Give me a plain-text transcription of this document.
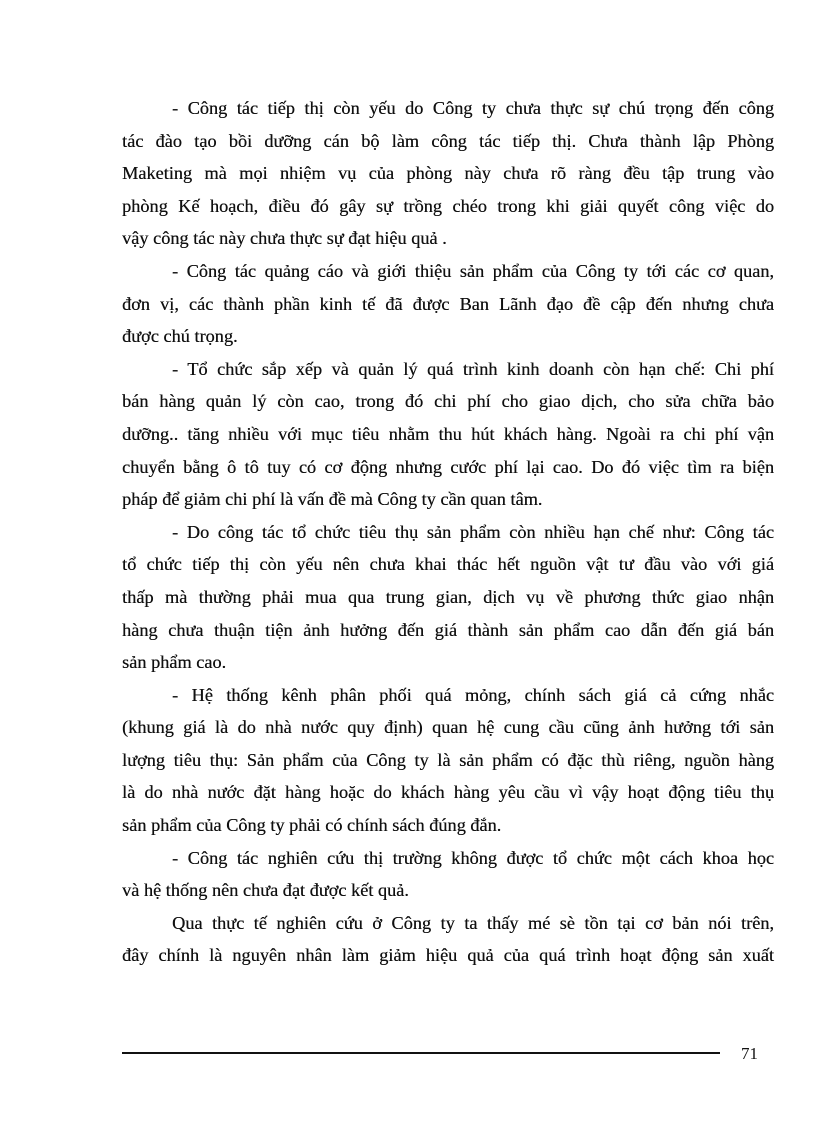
- Công tác tiếp thị còn yếu do Công ty chưa thực sự chú trọng đến công
tác đào tạo bồi dưỡng cán bộ làm công tác tiếp thị. Chưa thành lập Phòng
Maketing mà mọi nhiệm vụ của phòng này chưa rõ ràng đều tập trung vào
phòng Kế hoạch, điều đó gây sự trồng chéo trong khi giải quyết công việc do
vậy công tác này chưa thực sự đạt hiệu quả .

- Công tác quảng cáo và giới thiệu sản phẩm của Công ty tới các cơ quan,
đơn vị, các thành phần kinh tế đã được Ban Lãnh đạo đề cập đến nhưng chưa
được chú trọng.

- Tổ chức sắp xếp và quản lý quá trình kinh doanh còn hạn chế: Chi phí
bán hàng quản lý còn cao, trong đó chi phí cho giao dịch, cho sửa chữa bảo
dưỡng.. tăng nhiều với mục tiêu nhằm thu hút khách hàng. Ngoài ra chi phí vận
chuyển bằng ô tô tuy có cơ động nhưng cước phí lại cao. Do đó việc tìm ra biện
pháp để giảm chi phí là vấn đề mà Công ty cần quan tâm.

- Do công tác tổ chức tiêu thụ sản phẩm còn nhiều hạn chế như: Công tác
tổ chức tiếp thị còn yếu nên chưa khai thác hết nguồn vật tư đầu vào với giá
thấp mà thường phải mua qua trung gian, dịch vụ về phương thức giao nhận
hàng chưa thuận tiện ảnh hưởng đến giá thành sản phẩm cao dẫn đến giá bán
sản phẩm cao.

- Hệ thống kênh phân phối quá mỏng, chính sách giá cả cứng nhắc
(khung giá là do nhà nước quy định) quan hệ cung cầu cũng ảnh hưởng tới sản
lượng tiêu thụ: Sản phẩm của Công ty là sản phẩm có đặc thù riêng, nguồn hàng
là do nhà nước đặt hàng hoặc do khách hàng yêu cầu vì vậy hoạt động tiêu thụ
sản phẩm của Công ty phải có chính sách đúng đắn.

- Công tác nghiên cứu thị trường không được tổ chức một cách khoa học
và hệ thống nên chưa đạt được kết quả.

Qua thực tế nghiên cứu ở Công ty ta thấy mé sè tồn tại cơ bản nói trên,
đây chính là nguyên nhân làm giảm hiệu quả của quá trình hoạt động sản xuất

71
